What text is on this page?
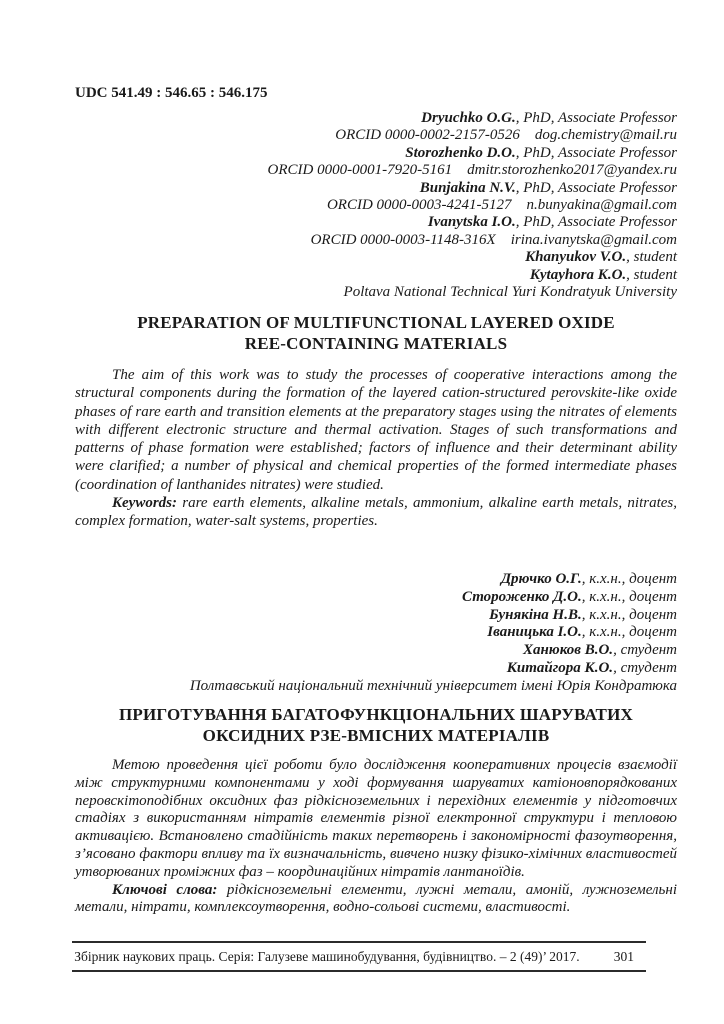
UDC 541.49 : 546.65 : 546.175
Dryuchko O.G., PhD, Associate Professor
ORCID 0000-0002-2157-0526 dog.chemistry@mail.ru
Storozhenko D.O., PhD, Associate Professor
ORCID 0000-0001-7920-5161 dmitr.storozhenko2017@yandex.ru
Bunjakina N.V., PhD, Associate Professor
ORCID 0000-0003-4241-5127 n.bunyakina@gmail.com
Ivanytska I.O., PhD, Associate Professor
ORCID 0000-0003-1148-316X irina.ivanytska@gmail.com
Khanyukov V.O., student
Kytayhora K.O., student
Poltava National Technical Yuri Kondratyuk University
PREPARATION OF MULTIFUNCTIONAL LAYERED OXIDE
REE-CONTAINING MATERIALS

The aim of this work was to study the processes of cooperative interactions among the structural components during the formation of the layered cation-structured perovskite-like oxide phases of rare earth and transition elements at the preparatory stages using the nitrates of elements with different electronic structure and thermal activation. Stages of such transformations and patterns of phase formation were established; factors of influence and their determinant ability were clarified; a number of physical and chemical properties of the formed intermediate phases (coordination of lanthanides nitrates) were studied.

Keywords: rare earth elements, alkaline metals, ammonium, alkaline earth metals, nitrates, complex formation, water-salt systems, properties.

Дрючко О.Г., к.х.н., доцент
Стороженко Д.О., к.х.н., доцент
Бунякіна Н.В., к.х.н., доцент
Іваницька І.О., к.х.н., доцент
Ханюков В.О., студент
Китайгора К.О., студент
Полтавський національний технічний університет імені Юрія Кондратюка
ПРИГОТУВАННЯ БАГАТОФУНКЦІОНАЛЬНИХ ШАРУВАТИХ
ОКСИДНИХ РЗЕ-ВМІСНИХ МАТЕРІАЛІВ

Метою проведення цієї роботи було дослідження кооперативних процесів взаємодії між структурними компонентами у ході формування шаруватих катіоновпорядкованих перовскітоподібних оксидних фаз рідкісноземельних і перехідних елементів у підготовчих стадіях з використанням нітратів елементів різної електронної структури і тепловою активацією. Встановлено стадійність таких перетворень і закономірності фазоутворення, з’ясовано фактори впливу та їх визначальність, вивчено низку фізико-хімічних властивостей утворюваних проміжних фаз – координаційних нітратів лантаноїдів.

Ключові слова: рідкісноземельні елементи, лужні метали, амоній, лужноземельні метали, нітрати, комплексоутворення, водно-сольові системи, властивості.

Збірник наукових праць. Серія: Галузеве машинобудування, будівництво. – 2 (49)’ 2017.	301
